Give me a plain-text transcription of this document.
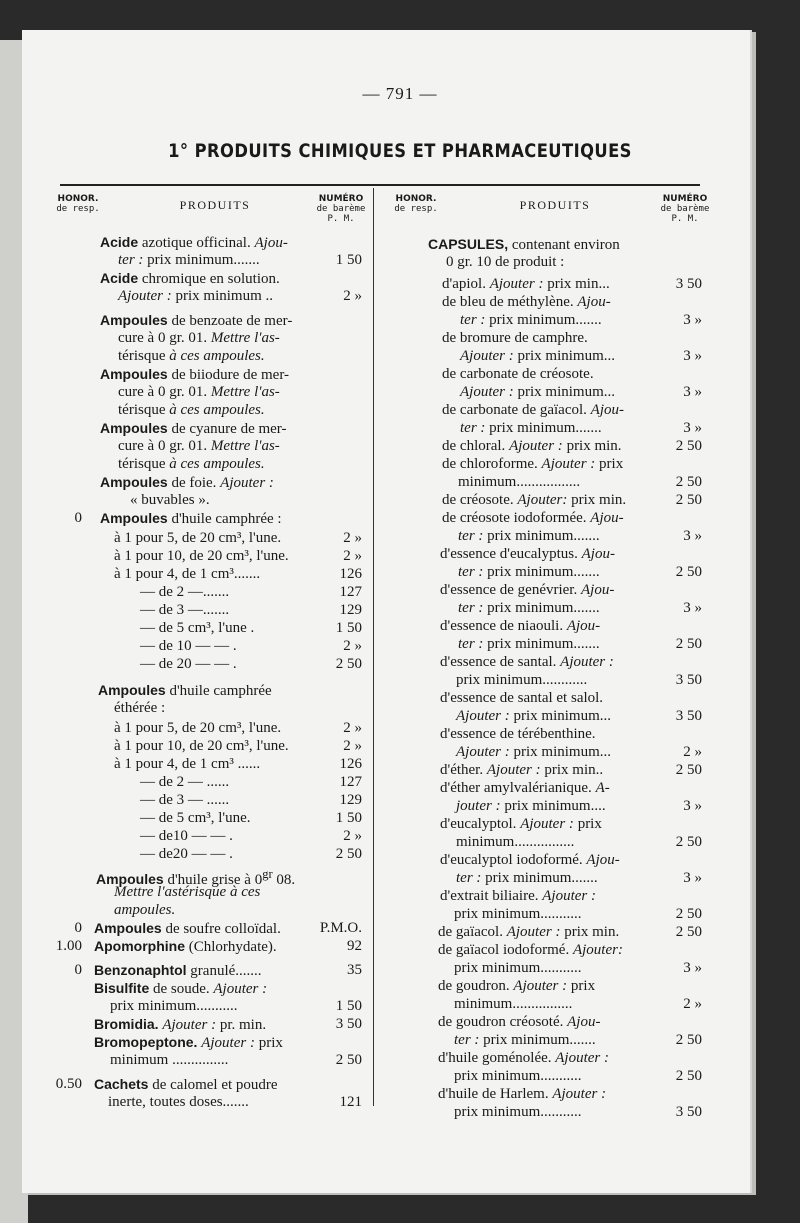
— 791 —
1° PRODUITS CHIMIQUES ET PHARMACEUTIQUES
HONOR.
de resp.	PRODUITS	NUMÉRO
de barème
P. M.
HONOR.
de resp.	PRODUITS	NUMÉRO
de barème
P. M.
Acide azotique officinal. Ajou-
ter : prix minimum.......	1 50
Acide chromique en solution.
Ajouter : prix minimum ..	2 »
Ampoules de benzoate de mer-
cure à 0 gr. 01. Mettre l'as-
térisque à ces ampoules.
Ampoules de biiodure de mer-
cure à 0 gr. 01. Mettre l'as-
térisque à ces ampoules.
Ampoules de cyanure de mer-
cure à 0 gr. 01. Mettre l'as-
térisque à ces ampoules.
Ampoules de foie. Ajouter :
« buvables ».
0 Ampoules d'huile camphrée :
à 1 pour 5, de 20 cm³, l'une.	2 »
à 1 pour 10, de 20 cm³, l'une.	2 »
à 1 pour 4, de 1 cm³.......	126
— de 2 —.......	127
— de 3 —.......	129
— de 5 cm³, l'une .	1 50
— de 10 — — .	2 »
— de 20 — — .	2 50
Ampoules d'huile camphrée
éthérée :
à 1 pour 5, de 20 cm³, l'une.	2 »
à 1 pour 10, de 20 cm³, l'une.	2 »
à 1 pour 4, de 1 cm³ ......	126
— de 2 — ......	127
— de 3 — ......	129
— de 5 cm³, l'une.	1 50
— de10 — — .	2 »
— de20 — — .	2 50
Ampoules d'huile grise à $0^{gr}$ 08.
Mettre l'astérisque à ces
ampoules.
0 Ampoules de soufre colloïdal.	P.M.O.
1.00 Apomorphine (Chlorhydate).	92
0 Benzonaphtol granulé.......	35
Bisulfite de soude. Ajouter :
prix minimum...........	1 50
Bromidia. Ajouter : pr. min.	3 50
Bromopeptone. Ajouter : prix
minimum ...............	2 50
0.50 Cachets de calomel et poudre
inerte, toutes doses.......	121
CAPSULES, contenant environ
0 gr. 10 de produit :
d'apiol. Ajouter : prix min...	3 50
de bleu de méthylène. Ajou-
ter : prix minimum.......	3 »
de bromure de camphre.
Ajouter : prix minimum...	3 »
de carbonate de créosote.
Ajouter : prix minimum...	3 »
de carbonate de gaïacol. Ajou-
ter : prix minimum.......	3 »
de chloral. Ajouter : prix min.	2 50
de chloroforme. Ajouter : prix
minimum.................	2 50
de créosote. Ajouter: prix min.	2 50
de créosote iodoformée. Ajou-
ter : prix minimum.......	3 »
d'essence d'eucalyptus. Ajou-
ter : prix minimum.......	2 50
d'essence de genévrier. Ajou-
ter : prix minimum.......	3 »
d'essence de niaouli. Ajou-
ter : prix minimum.......	2 50
d'essence de santal. Ajouter :
prix minimum............	3 50
d'essence de santal et salol.
Ajouter : prix minimum...	3 50
d'essence de térébenthine.
Ajouter : prix minimum...	2 »
d'éther. Ajouter : prix min..	2 50
d'éther amylvalérianique. A-
jouter : prix minimum....	3 »
d'eucalyptol. Ajouter : prix
minimum................	2 50
d'eucalyptol iodoformé. Ajou-
ter : prix minimum.......	3 »
d'extrait biliaire. Ajouter :
prix minimum...........	2 50
de gaïacol. Ajouter : prix min.	2 50
de gaïacol iodoformé. Ajouter:
prix minimum...........	3 »
de goudron. Ajouter : prix
minimum................	2 »
de goudron créosoté. Ajou-
ter : prix minimum.......	2 50
d'huile goménolée. Ajouter :
prix minimum...........	2 50
d'huile de Harlem. Ajouter :
prix minimum...........	3 50
